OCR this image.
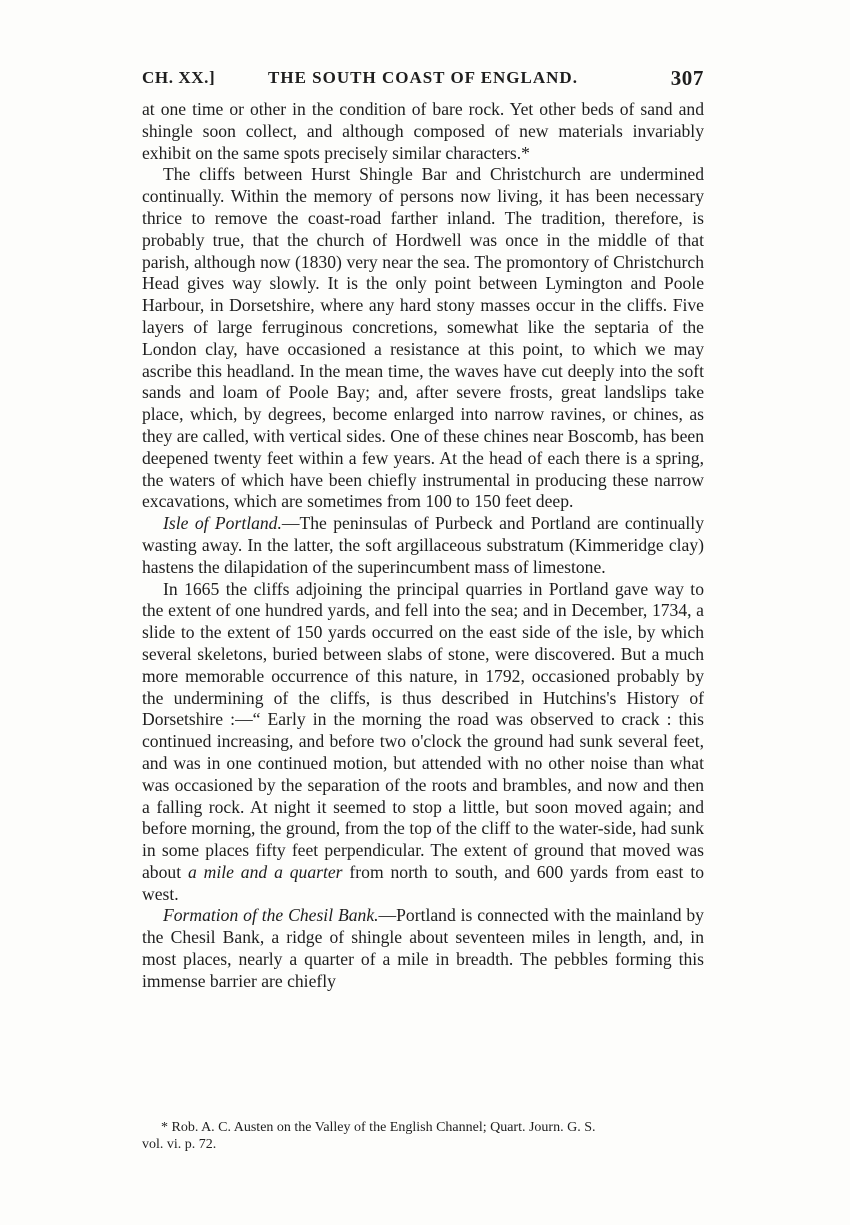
CH. XX.]	THE SOUTH COAST OF ENGLAND.	307

at one time or other in the condition of bare rock. Yet other beds of sand and shingle soon collect, and although composed of new materials invariably exhibit on the same spots precisely similar characters.*

The cliffs between Hurst Shingle Bar and Christchurch are undermined continually. Within the memory of persons now living, it has been necessary thrice to remove the coast-road farther inland. The tradition, therefore, is probably true, that the church of Hordwell was once in the middle of that parish, although now (1830) very near the sea. The promontory of Christchurch Head gives way slowly. It is the only point between Lymington and Poole Harbour, in Dorsetshire, where any hard stony masses occur in the cliffs. Five layers of large ferruginous concretions, somewhat like the septaria of the London clay, have occasioned a resistance at this point, to which we may ascribe this headland. In the mean time, the waves have cut deeply into the soft sands and loam of Poole Bay; and, after severe frosts, great landslips take place, which, by degrees, become enlarged into narrow ravines, or chines, as they are called, with vertical sides. One of these chines near Boscomb, has been deepened twenty feet within a few years. At the head of each there is a spring, the waters of which have been chiefly instrumental in producing these narrow excavations, which are sometimes from 100 to 150 feet deep.

Isle of Portland.—The peninsulas of Purbeck and Portland are continually wasting away. In the latter, the soft argillaceous substratum (Kimmeridge clay) hastens the dilapidation of the superincumbent mass of limestone.

In 1665 the cliffs adjoining the principal quarries in Portland gave way to the extent of one hundred yards, and fell into the sea; and in December, 1734, a slide to the extent of 150 yards occurred on the east side of the isle, by which several skeletons, buried between slabs of stone, were discovered. But a much more memorable occurrence of this nature, in 1792, occasioned probably by the undermining of the cliffs, is thus described in Hutchins's History of Dorsetshire :—“ Early in the morning the road was observed to crack : this continued increasing, and before two o'clock the ground had sunk several feet, and was in one continued motion, but attended with no other noise than what was occasioned by the separation of the roots and brambles, and now and then a falling rock. At night it seemed to stop a little, but soon moved again; and before morning, the ground, from the top of the cliff to the water-side, had sunk in some places fifty feet perpendicular. The extent of ground that moved was about a mile and a quarter from north to south, and 600 yards from east to west.

Formation of the Chesil Bank.—Portland is connected with the mainland by the Chesil Bank, a ridge of shingle about seventeen miles in length, and, in most places, nearly a quarter of a mile in breadth. The pebbles forming this immense barrier are chiefly

* Rob. A. C. Austen on the Valley of the English Channel; Quart. Journ. G. S.
vol. vi. p. 72.
